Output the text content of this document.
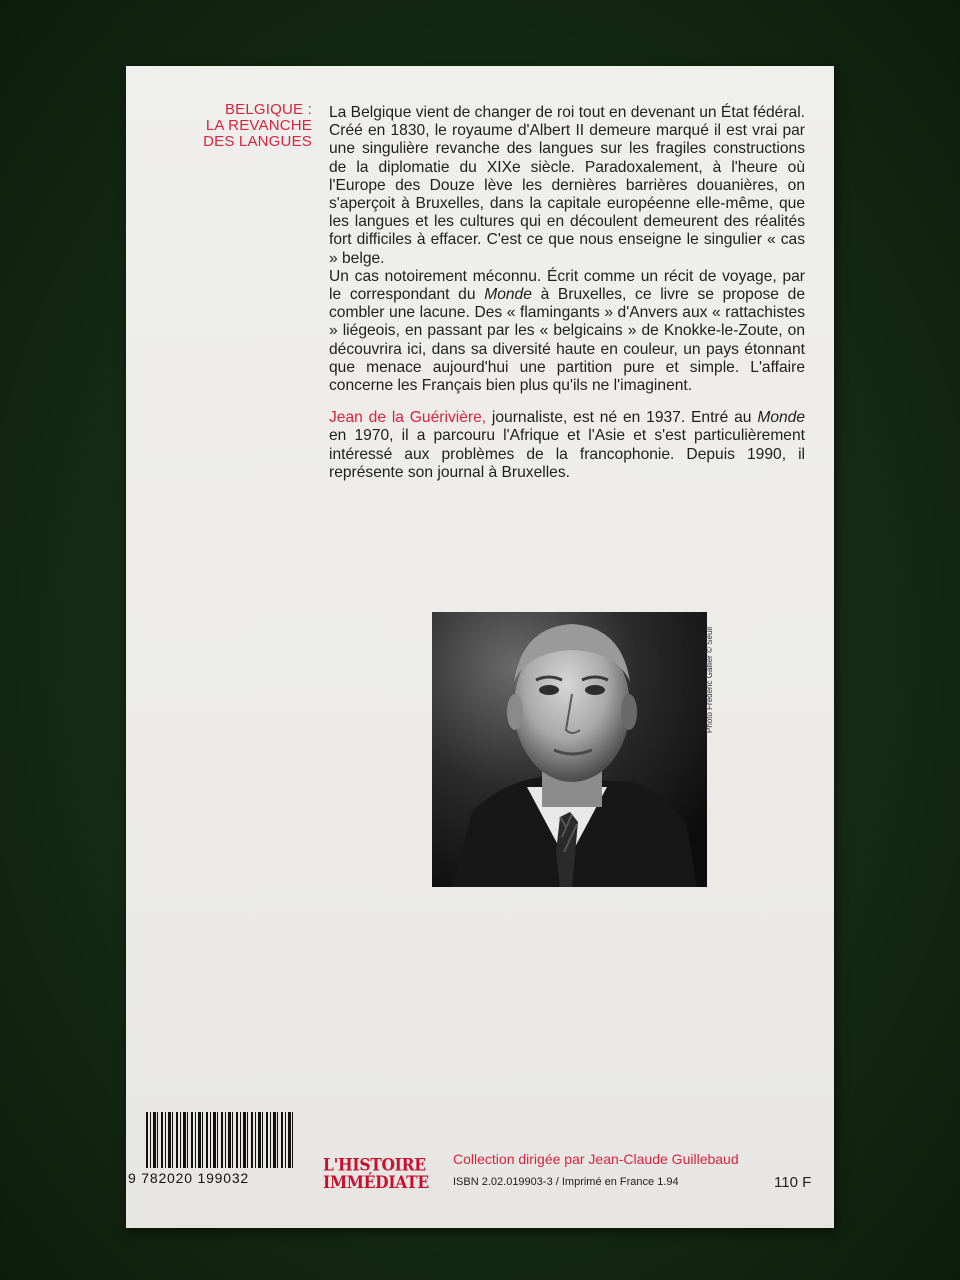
BELGIQUE :
LA REVANCHE
DES LANGUES

La Belgique vient de changer de roi tout en devenant un État fédéral. Créé en 1830, le royaume d'Albert II demeure marqué il est vrai par une singulière revanche des langues sur les fragiles constructions de la diplomatie du XIXe siècle. Paradoxalement, à l'heure où l'Europe des Douze lève les dernières barrières douanières, on s'aperçoit à Bruxelles, dans la capitale européenne elle-même, que les langues et les cultures qui en découlent demeurent des réalités fort difficiles à effacer. C'est ce que nous enseigne le singulier « cas » belge.

Un cas notoirement méconnu. Écrit comme un récit de voyage, par le correspondant du Monde à Bruxelles, ce livre se propose de combler une lacune. Des « flamingants » d'Anvers aux « rattachistes » liégeois, en passant par les « belgicains » de Knokke-le-Zoute, on découvrira ici, dans sa diversité haute en couleur, un pays étonnant que menace aujourd'hui une partition pure et simple. L'affaire concerne les Français bien plus qu'ils ne l'imaginent.

Jean de la Guérivière, journaliste, est né en 1937. Entré au Monde en 1970, il a parcouru l'Afrique et l'Asie et s'est particulièrement intéressé aux problèmes de la francophonie. Depuis 1990, il représente son journal à Bruxelles.

Photo Frédéric Gallier © Seuil
9 782020 199032
L'HISTOIRE
IMMÉDIATE
Collection dirigée par Jean-Claude Guillebaud
ISBN 2.02.019903-3 / Imprimé en France 1.94	110 F
